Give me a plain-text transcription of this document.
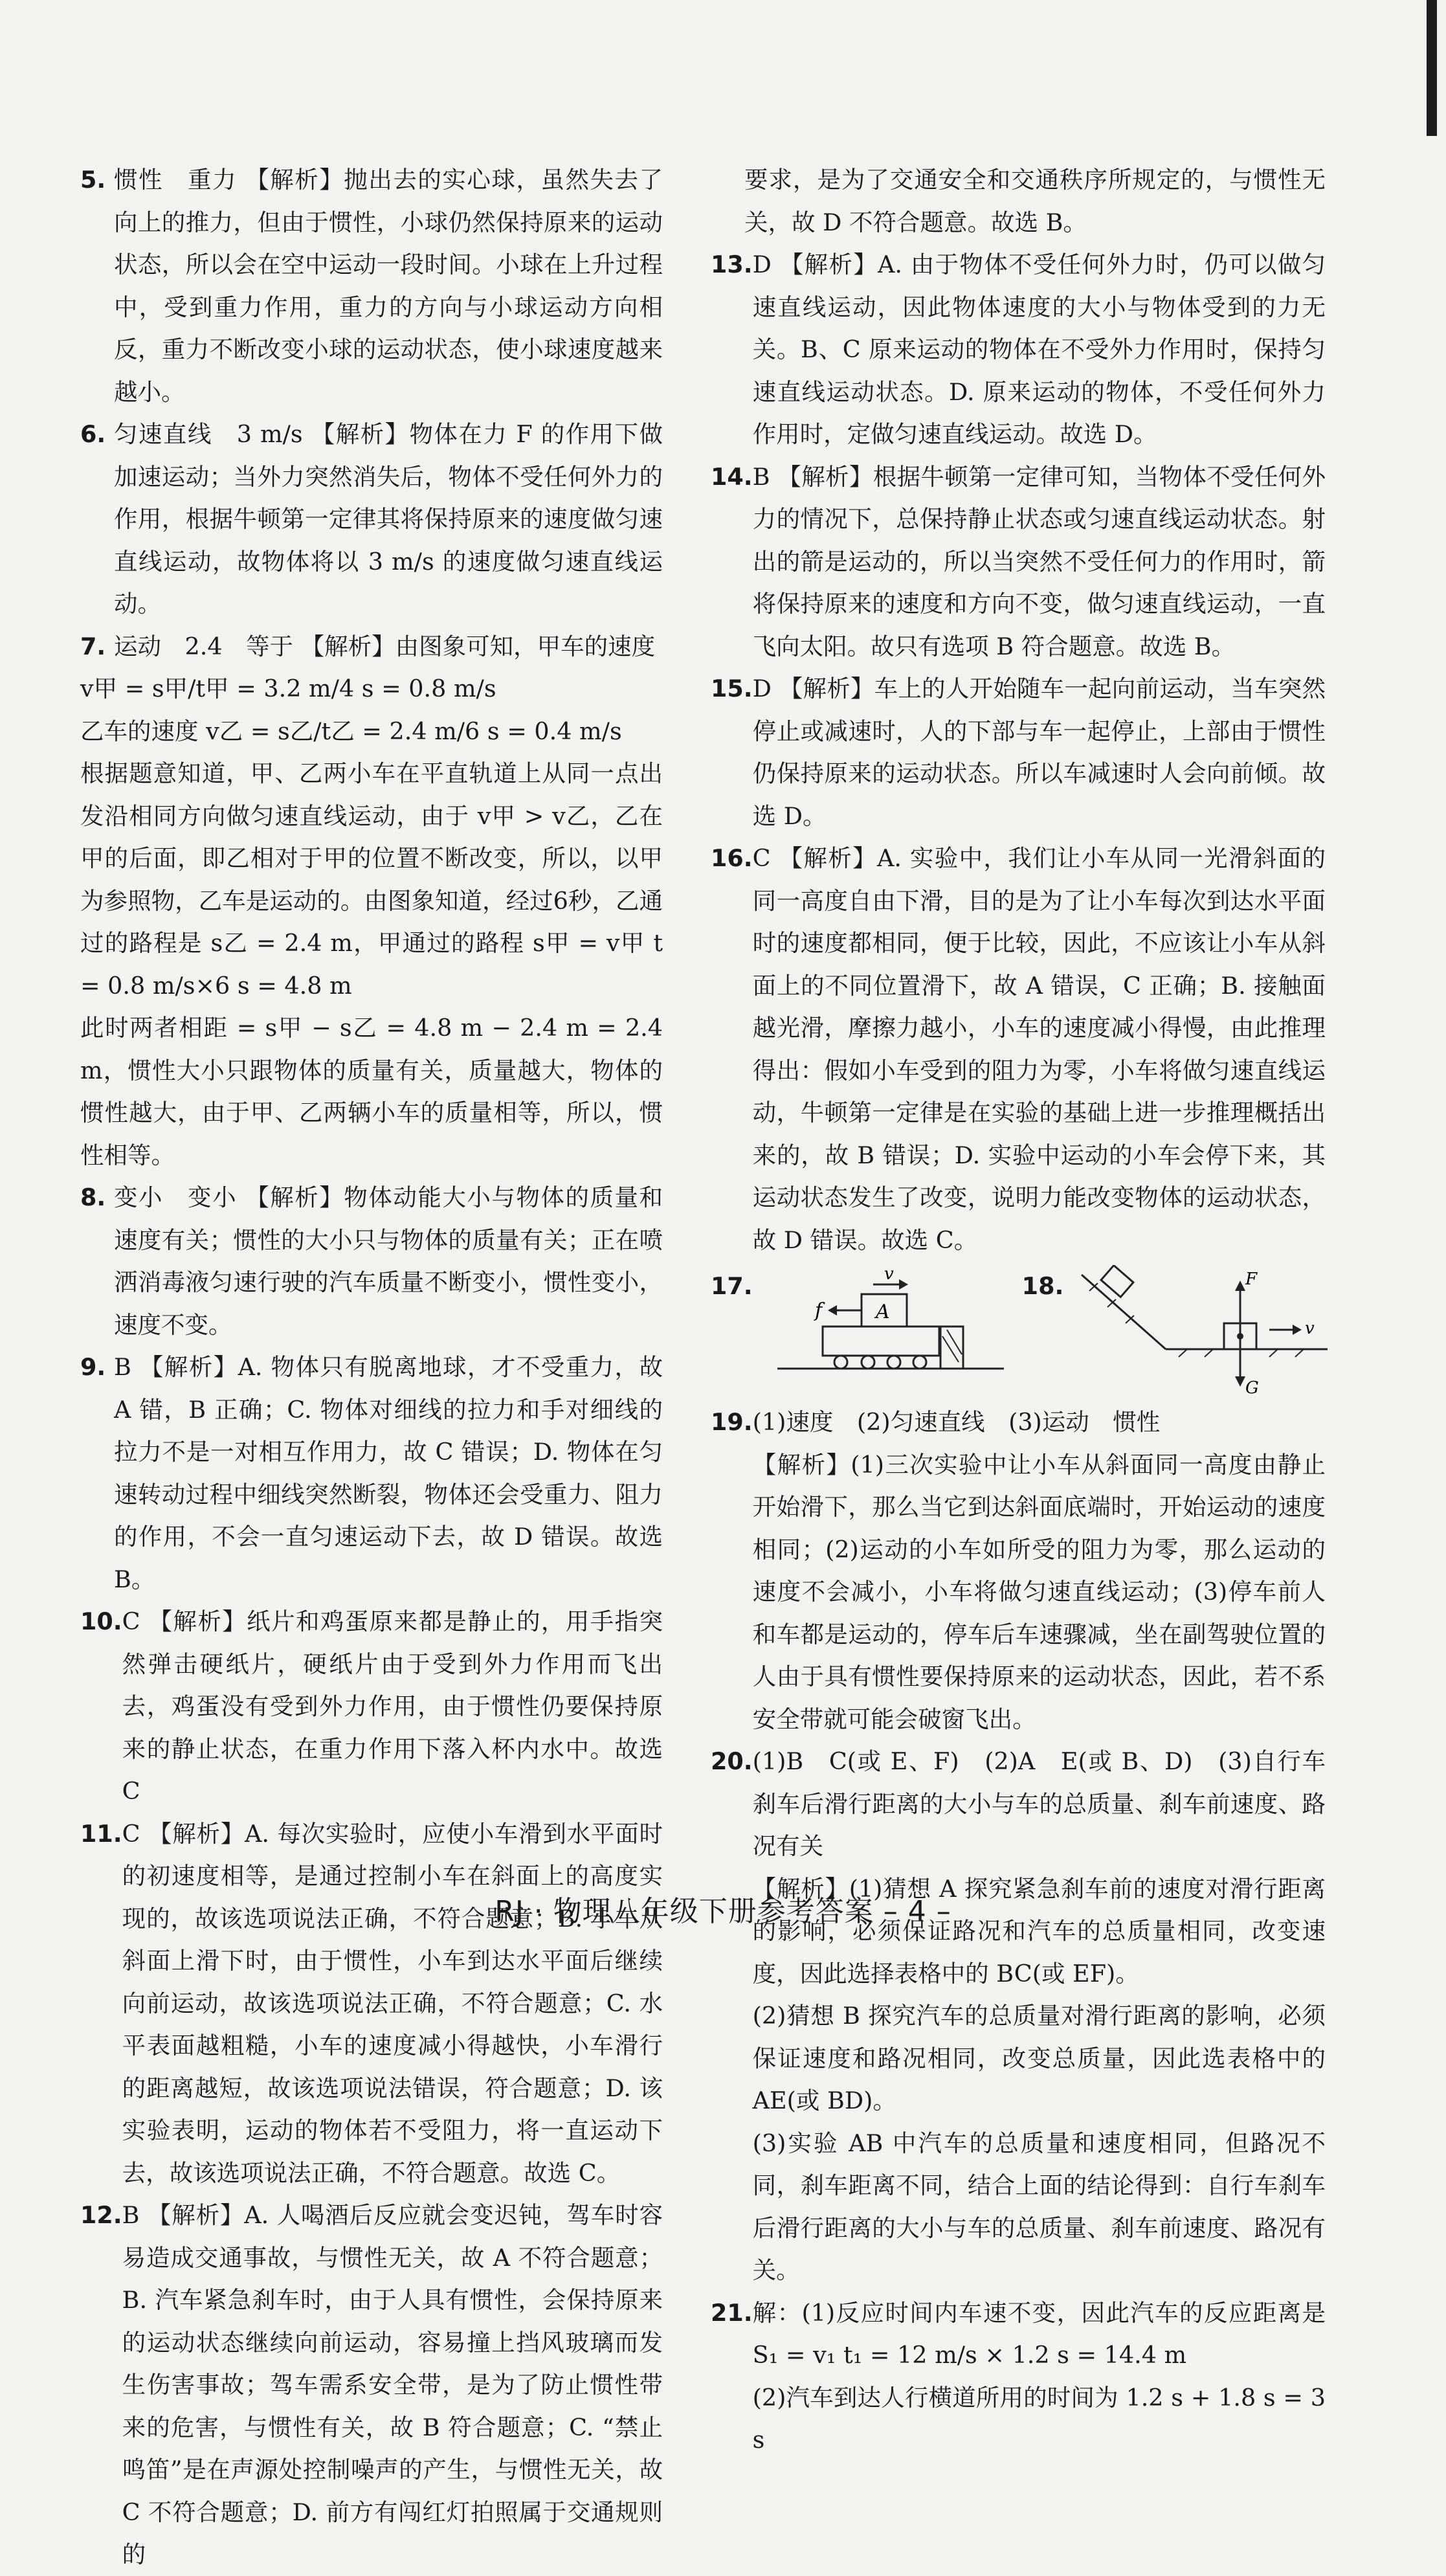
5. 惯性　重力 【解析】抛出去的实心球，虽然失去了向上的推力，但由于惯性，小球仍然保持原来的运动状态，所以会在空中运动一段时间。小球在上升过程中，受到重力作用，重力的方向与小球运动方向相反，重力不断改变小球的运动状态，使小球速度越来越小。

6. 匀速直线　3 m/s 【解析】物体在力 F 的作用下做加速运动；当外力突然消失后，物体不受任何外力的作用，根据牛顿第一定律其将保持原来的速度做匀速直线运动，故物体将以 3 m/s 的速度做匀速直线运动。

7. 运动　2.4　等于 【解析】由图象可知，甲车的速度

v甲 = s甲/t甲 = 3.2 m/4 s = 0.8 m/s

乙车的速度 v乙 = s乙/t乙 = 2.4 m/6 s = 0.4 m/s

根据题意知道，甲、乙两小车在平直轨道上从同一点出发沿相同方向做匀速直线运动，由于 v甲 > v乙，乙在甲的后面，即乙相对于甲的位置不断改变，所以，以甲为参照物，乙车是运动的。由图象知道，经过6秒，乙通过的路程是 s乙 = 2.4 m，甲通过的路程 s甲 = v甲 t = 0.8 m/s×6 s = 4.8 m

此时两者相距 = s甲 − s乙 = 4.8 m − 2.4 m = 2.4 m，惯性大小只跟物体的质量有关，质量越大，物体的惯性越大，由于甲、乙两辆小车的质量相等，所以，惯性相等。

8. 变小　变小 【解析】物体动能大小与物体的质量和速度有关；惯性的大小只与物体的质量有关；正在喷洒消毒液匀速行驶的汽车质量不断变小，惯性变小，速度不变。

9. B 【解析】A. 物体只有脱离地球，才不受重力，故 A 错，B 正确；C. 物体对细线的拉力和手对细线的拉力不是一对相互作用力，故 C 错误；D. 物体在匀速转动过程中细线突然断裂，物体还会受重力、阻力的作用，不会一直匀速运动下去，故 D 错误。故选 B。

10. C 【解析】纸片和鸡蛋原来都是静止的，用手指突然弹击硬纸片，硬纸片由于受到外力作用而飞出去，鸡蛋没有受到外力作用，由于惯性仍要保持原来的静止状态，在重力作用下落入杯内水中。故选 C

11. C 【解析】A. 每次实验时，应使小车滑到水平面时的初速度相等，是通过控制小车在斜面上的高度实现的，故该选项说法正确，不符合题意；B. 小车从斜面上滑下时，由于惯性，小车到达水平面后继续向前运动，故该选项说法正确，不符合题意；C. 水平表面越粗糙，小车的速度减小得越快，小车滑行的距离越短，故该选项说法错误，符合题意；D. 该实验表明，运动的物体若不受阻力，将一直运动下去，故该选项说法正确，不符合题意。故选 C。

12. B 【解析】A. 人喝酒后反应就会变迟钝，驾车时容易造成交通事故，与惯性无关，故 A 不符合题意；B. 汽车紧急刹车时，由于人具有惯性，会保持原来的运动状态继续向前运动，容易撞上挡风玻璃而发生伤害事故；驾车需系安全带，是为了防止惯性带来的危害，与惯性有关，故 B 符合题意；C. “禁止鸣笛”是在声源处控制噪声的产生，与惯性无关，故 C 不符合题意；D. 前方有闯红灯拍照属于交通规则的

要求，是为了交通安全和交通秩序所规定的，与惯性无关，故 D 不符合题意。故选 B。

13. D 【解析】A. 由于物体不受任何外力时，仍可以做匀速直线运动，因此物体速度的大小与物体受到的力无关。B、C 原来运动的物体在不受外力作用时，保持匀速直线运动状态。D. 原来运动的物体，不受任何外力作用时，定做匀速直线运动。故选 D。

14. B 【解析】根据牛顿第一定律可知，当物体不受任何外力的情况下，总保持静止状态或匀速直线运动状态。射出的箭是运动的，所以当突然不受任何力的作用时，箭将保持原来的速度和方向不变，做匀速直线运动，一直飞向太阳。故只有选项 B 符合题意。故选 B。

15. D 【解析】车上的人开始随车一起向前运动，当车突然停止或减速时，人的下部与车一起停止，上部由于惯性仍保持原来的运动状态。所以车减速时人会向前倾。故选 D。

16. C 【解析】A. 实验中，我们让小车从同一光滑斜面的同一高度自由下滑，目的是为了让小车每次到达水平面时的速度都相同，便于比较，因此，不应该让小车从斜面上的不同位置滑下，故 A 错误，C 正确；B. 接触面越光滑，摩擦力越小，小车的速度减小得慢，由此推理得出：假如小车受到的阻力为零，小车将做匀速直线运动，牛顿第一定律是在实验的基础上进一步推理概括出来的，故 B 错误；D. 实验中运动的小车会停下来，其运动状态发生了改变，说明力能改变物体的运动状态，故 D 错误。故选 C。

17.
A
f
v	18.	F
G
v
19. (1)速度　(2)匀速直线　(3)运动　惯性

【解析】(1)三次实验中让小车从斜面同一高度由静止开始滑下，那么当它到达斜面底端时，开始运动的速度相同；(2)运动的小车如所受的阻力为零，那么运动的速度不会减小，小车将做匀速直线运动；(3)停车前人和车都是运动的，停车后车速骤减，坐在副驾驶位置的人由于具有惯性要保持原来的运动状态，因此，若不系安全带就可能会破窗飞出。

20. (1)B　C(或 E、F)　(2)A　E(或 B、D)　(3)自行车刹车后滑行距离的大小与车的总质量、刹车前速度、路况有关

【解析】(1)猜想 A 探究紧急刹车前的速度对滑行距离的影响，必须保证路况和汽车的总质量相同，改变速度，因此选择表格中的 BC(或 EF)。

(2)猜想 B 探究汽车的总质量对滑行距离的影响，必须保证速度和路况相同，改变总质量，因此选表格中的 AE(或 BD)。

(3)实验 AB 中汽车的总质量和速度相同，但路况不同，刹车距离不同，结合上面的结论得到：自行车刹车后滑行距离的大小与车的总质量、刹车前速度、路况有关。

21. 解：(1)反应时间内车速不变，因此汽车的反应距离是 S₁ = v₁ t₁ = 12 m/s × 1.2 s = 14.4 m

(2)汽车到达人行横道所用的时间为 1.2 s + 1.8 s = 3 s

RJ · 物理八年级下册参考答案 – 4 –
